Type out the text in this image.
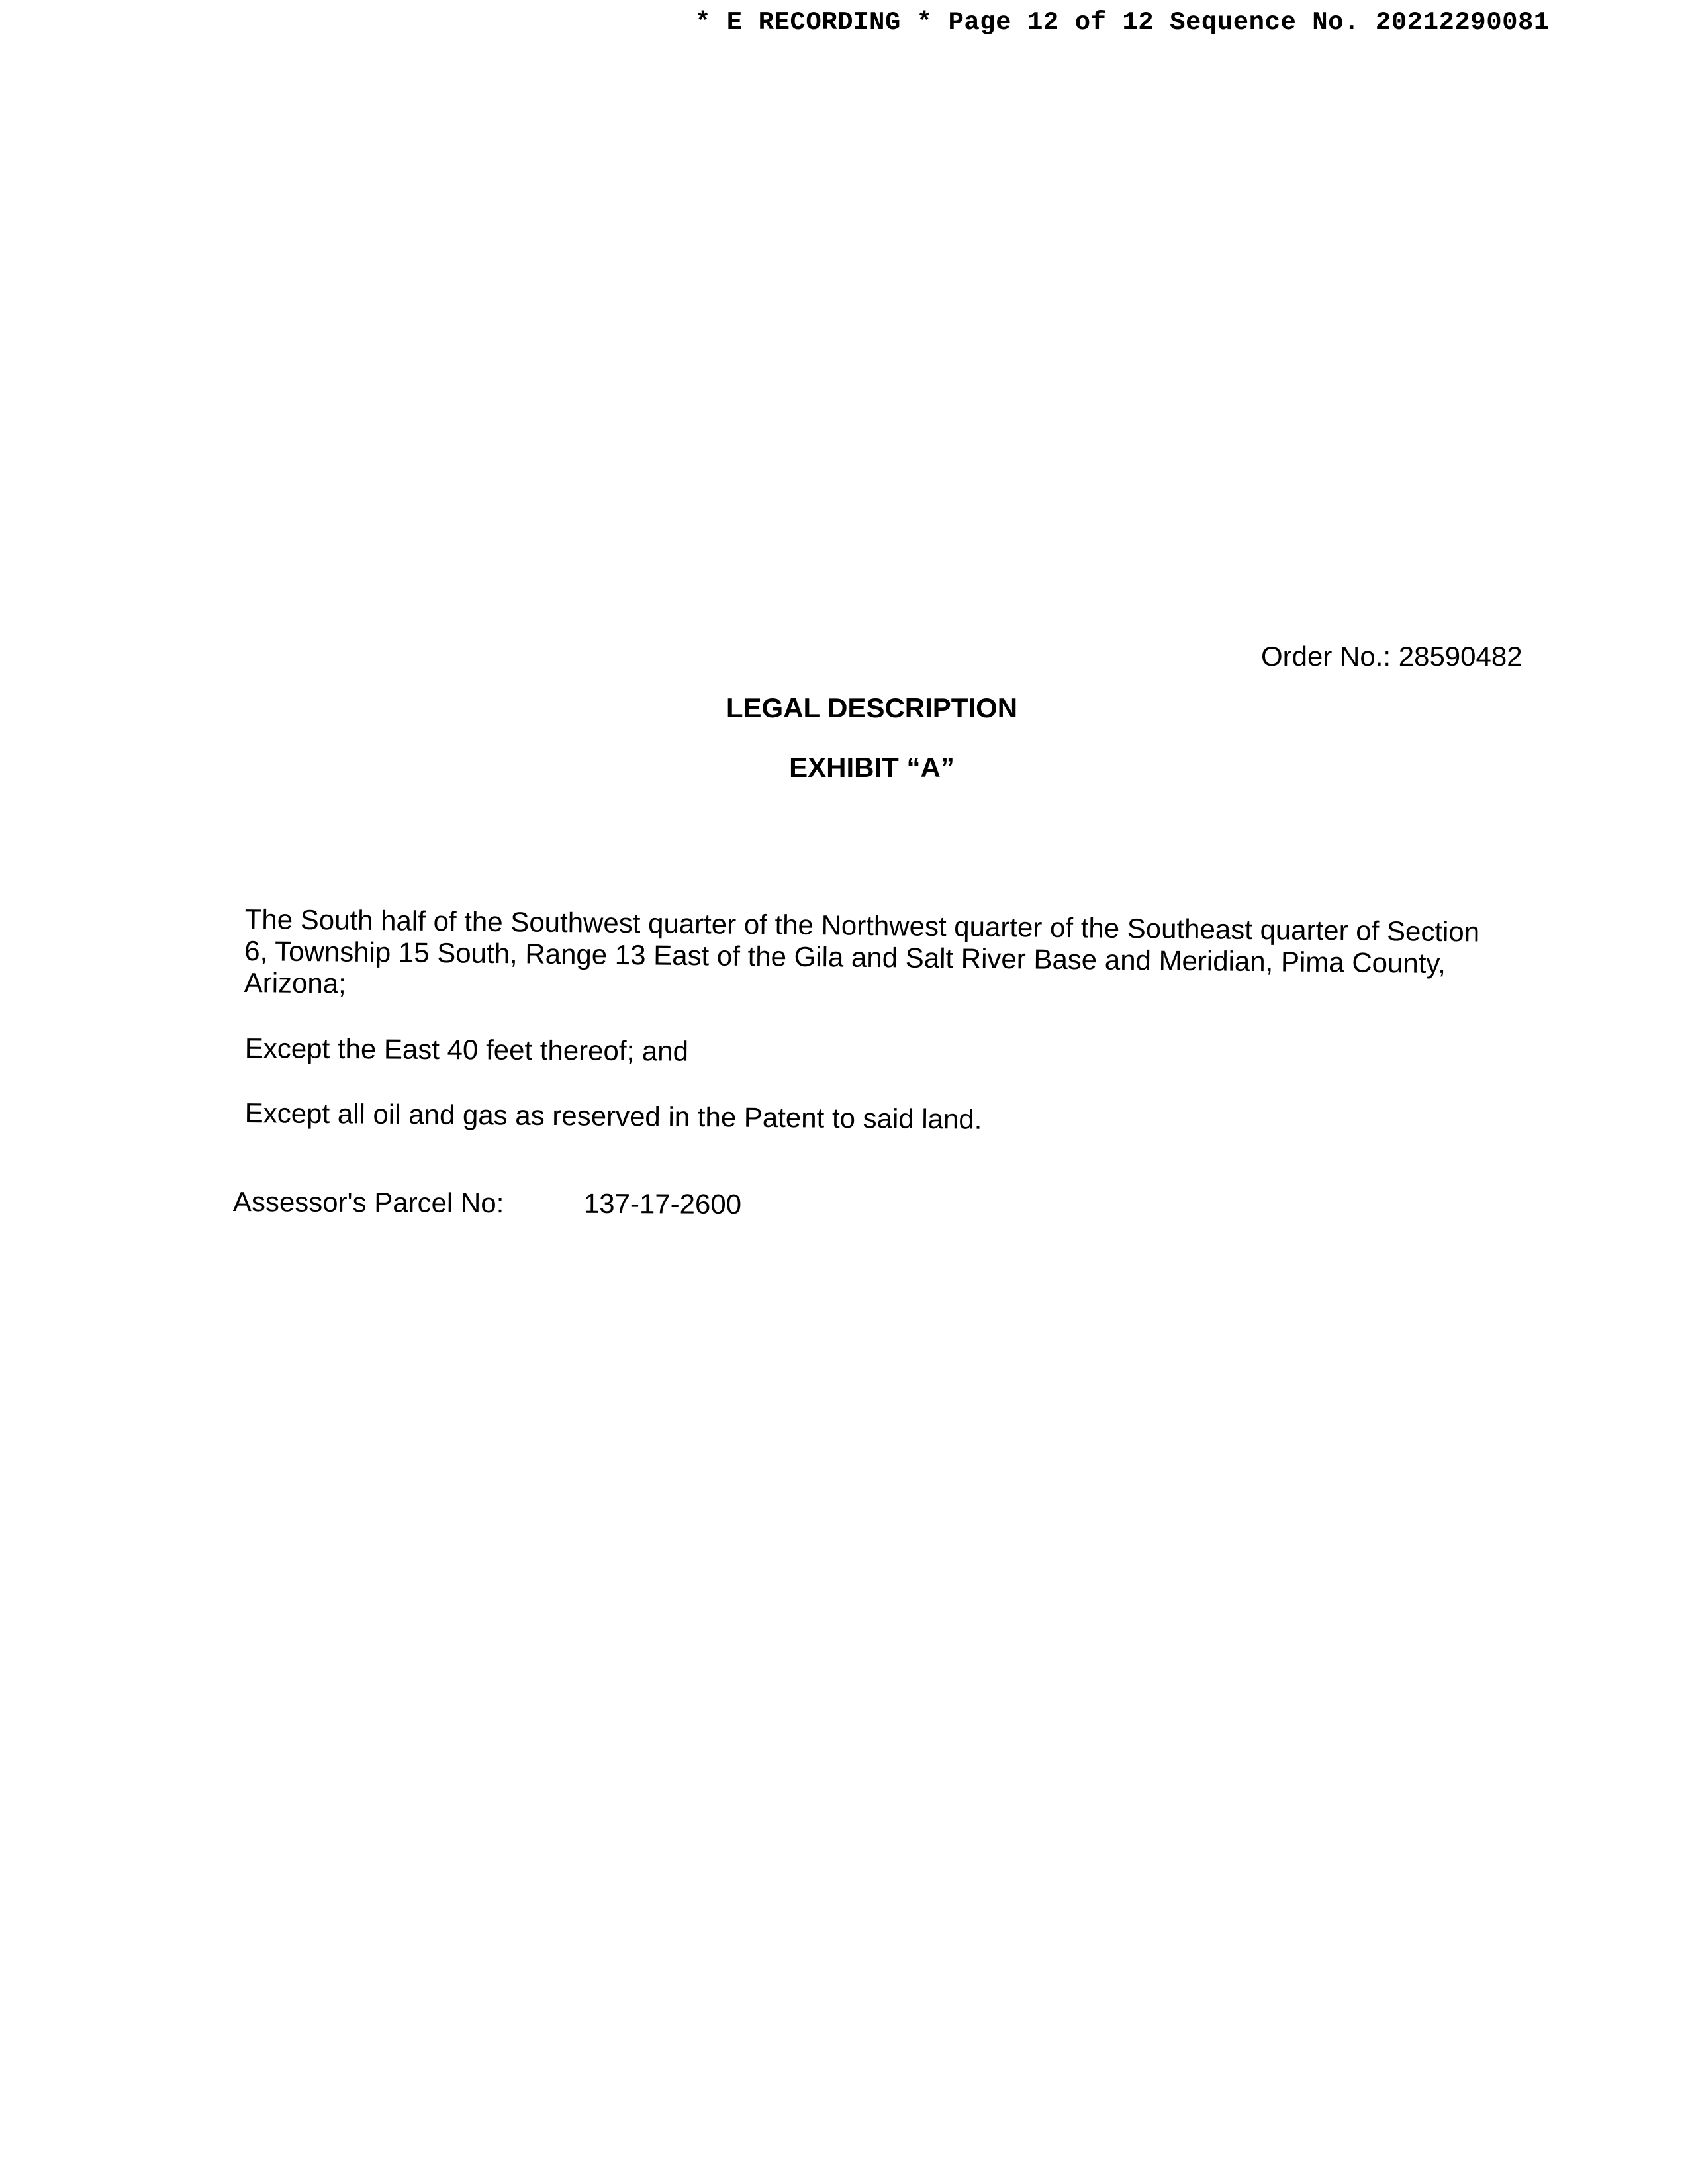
* E RECORDING * Page 12 of 12 Sequence No. 20212290081
Order No.: 28590482
LEGAL DESCRIPTION
EXHIBIT “A”
The South half of the Southwest quarter of the Northwest quarter of the Southeast quarter of Section 6, Township 15 South, Range 13 East of the Gila and Salt River Base and Meridian, Pima County, Arizona;
Except the East 40 feet thereof; and
Except all oil and gas as reserved in the Patent to said land.
Assessor's Parcel No:	137-17-2600
